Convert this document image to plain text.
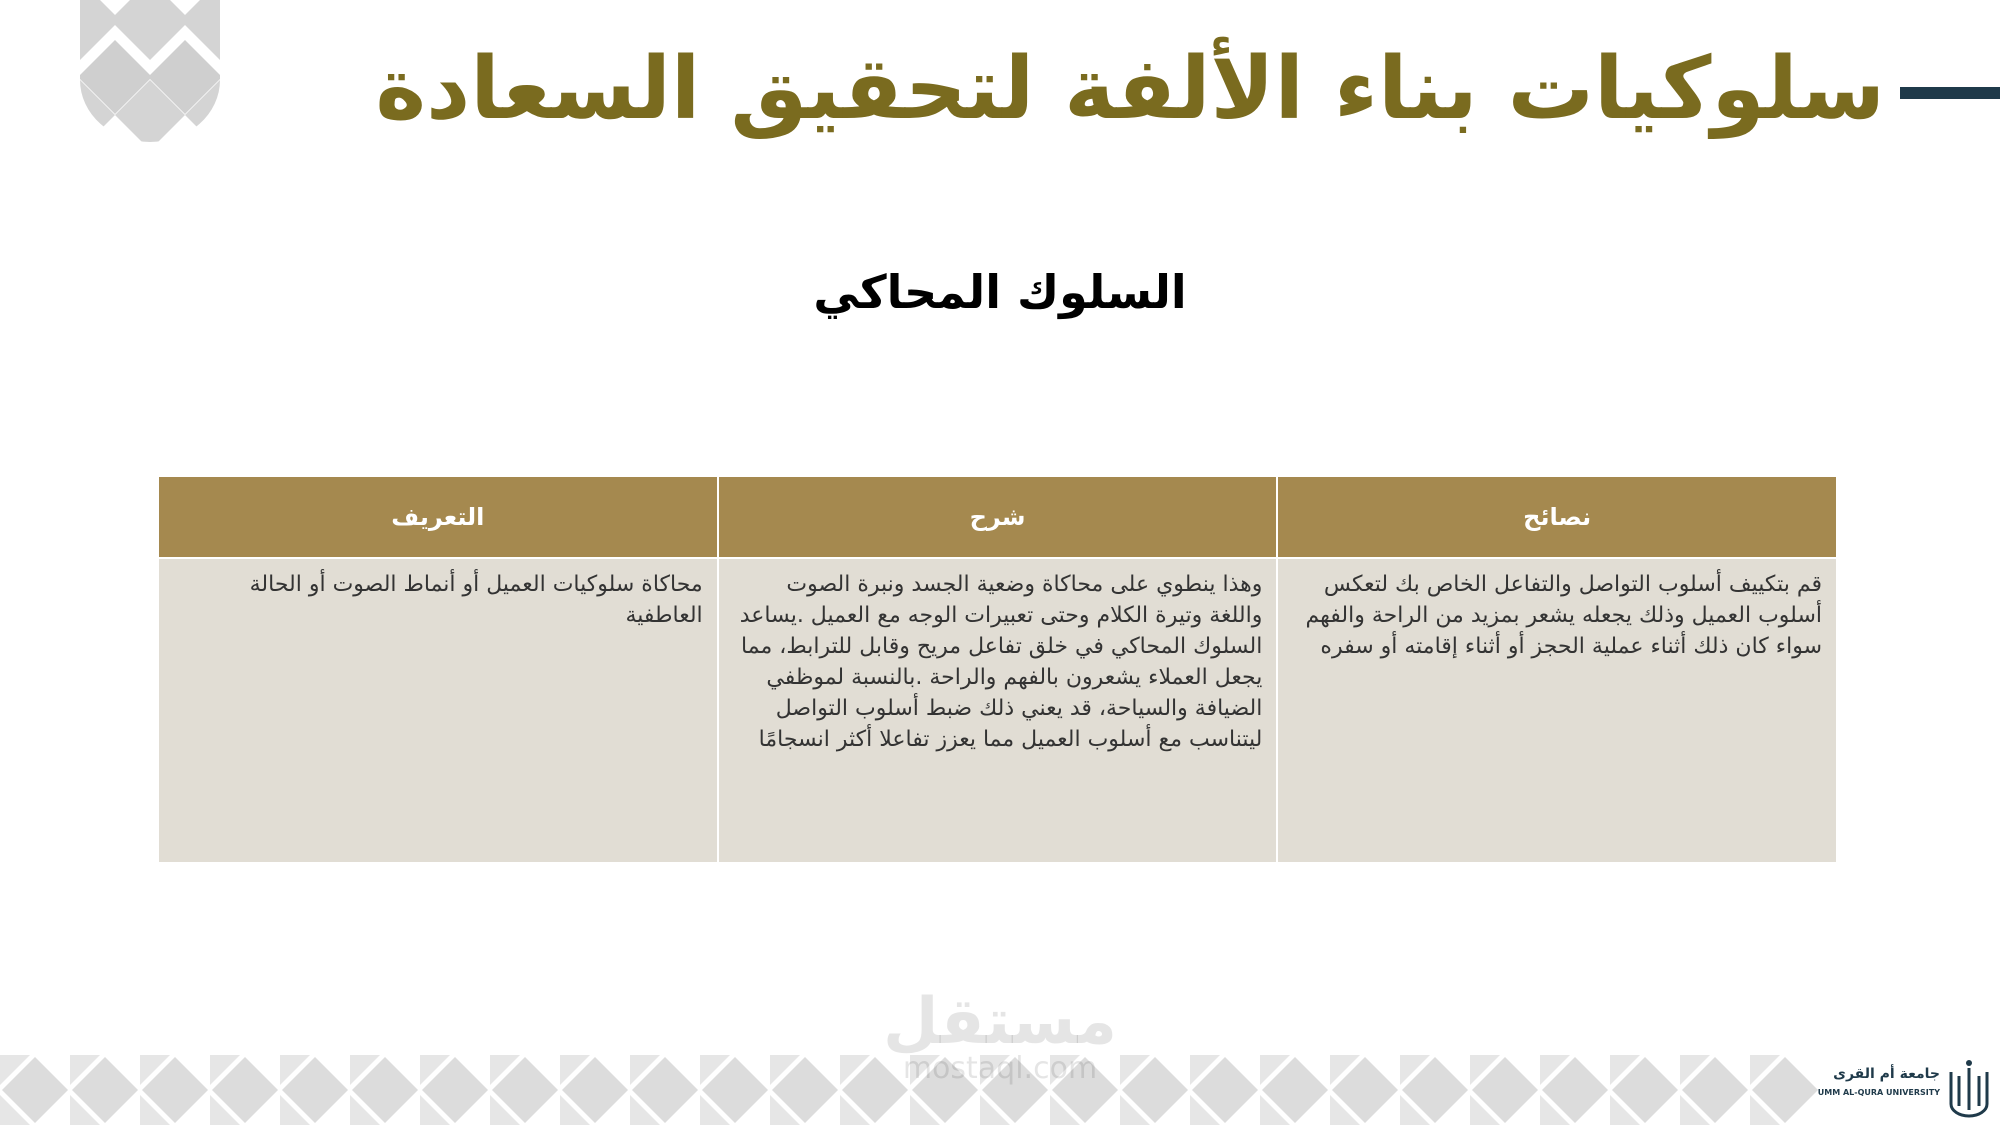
سلوكيات بناء الألفة لتحقيق السعادة
السلوك المحاكي
نصائح	شرح	التعريف
قم بتكييف أسلوب التواصل والتفاعل الخاص بك لتعكس أسلوب العميل وذلك يجعله يشعر بمزيد من الراحة والفهم سواء كان ذلك أثناء عملية الحجز أو أثناء إقامته أو سفره	وهذا ينطوي على محاكاة وضعية الجسد ونبرة الصوت واللغة وتيرة الكلام وحتى تعبيرات الوجه مع العميل .يساعد السلوك المحاكي في خلق تفاعل مريح وقابل للترابط، مما يجعل العملاء يشعرون بالفهم والراحة .بالنسبة لموظفي الضيافة والسياحة، قد يعني ذلك ضبط أسلوب التواصل ليتناسب مع أسلوب العميل مما يعزز تفاعلا أكثر انسجامًا	محاكاة سلوكيات العميل أو أنماط الصوت أو الحالة العاطفية
مستقل
mostaql.com	جامعة أم القرى
UMM AL-QURA UNIVERSITY
